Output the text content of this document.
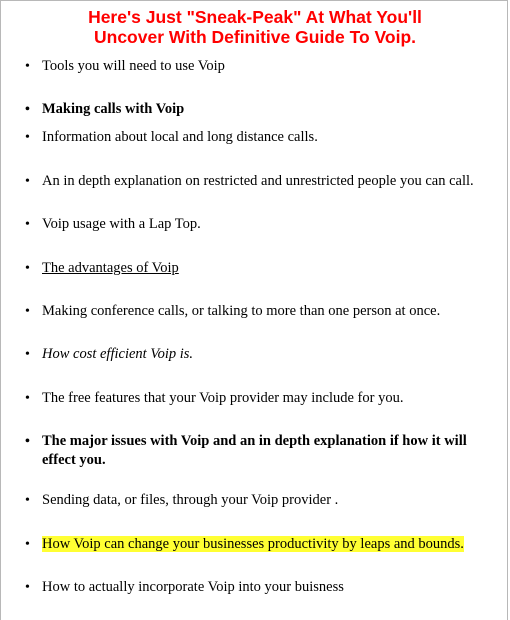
Here's Just "Sneak-Peak" At What You'll
Uncover With Definitive Guide To Voip.
• Tools you will need to use Voip
• Making calls with Voip
• Information about local and long distance calls.
• An in depth explanation on restricted and unrestricted people you can call.
• Voip usage with a Lap Top.
• The advantages of Voip
• Making conference calls, or talking to more than one person at once.
• How cost efficient Voip is.
• The free features that your Voip provider may include for you.
• The major issues with Voip and an in depth explanation if how it will effect you.
• Sending data, or files, through your Voip provider .
• How Voip can change your businesses productivity by leaps and bounds.
• How to actually incorporate Voip into your buisness
